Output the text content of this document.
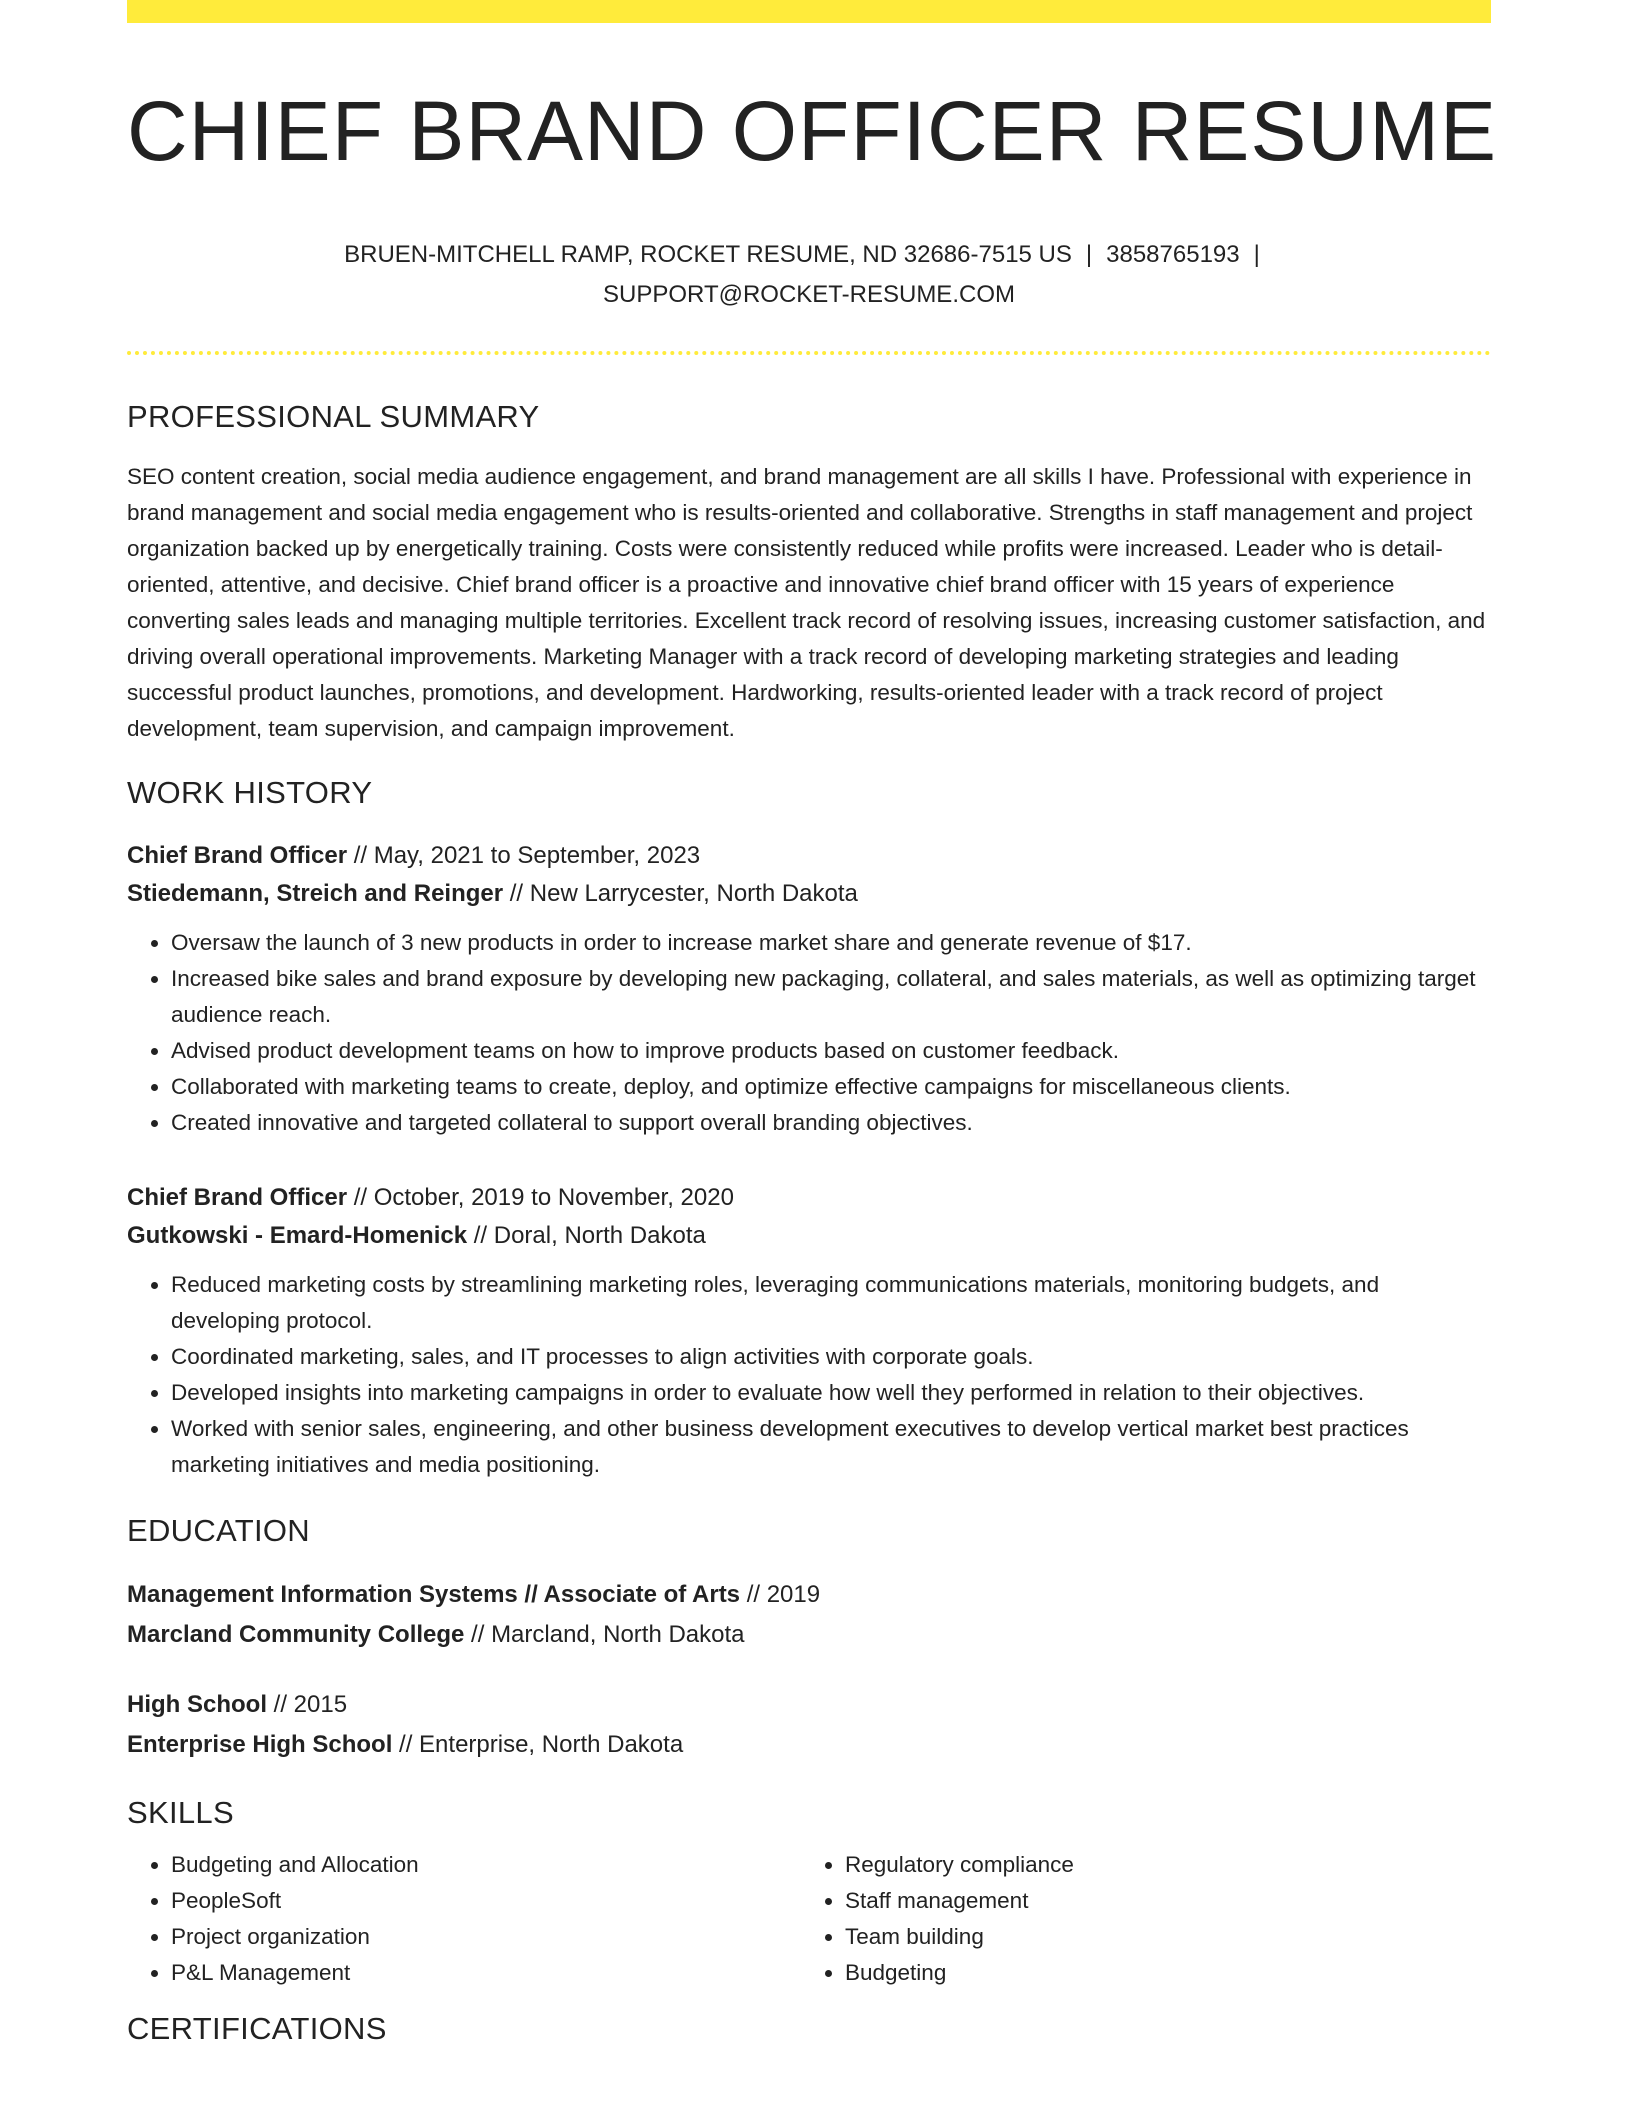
CHIEF BRAND OFFICER RESUME
BRUEN-MITCHELL RAMP, ROCKET RESUME, ND 32686-7515 US | 3858765193 |
SUPPORT@ROCKET-RESUME.COM
PROFESSIONAL SUMMARY

SEO content creation, social media audience engagement, and brand management are all skills I have. Professional with experience in brand management and social media engagement who is results-oriented and collaborative. Strengths in staff management and project organization backed up by energetically training. Costs were consistently reduced while profits were increased. Leader who is detail-oriented, attentive, and decisive. Chief brand officer is a proactive and innovative chief brand officer with 15 years of experience converting sales leads and managing multiple territories. Excellent track record of resolving issues, increasing customer satisfaction, and driving overall operational improvements. Marketing Manager with a track record of developing marketing strategies and leading successful product launches, promotions, and development. Hardworking, results-oriented leader with a track record of project development, team supervision, and campaign improvement.

WORK HISTORY
Chief Brand Officer // May, 2021 to September, 2023
Stiedemann, Streich and Reinger // New Larrycester, North Dakota
• Oversaw the launch of 3 new products in order to increase market share and generate revenue of $17.
• Increased bike sales and brand exposure by developing new packaging, collateral, and sales materials, as well as optimizing target audience reach.
• Advised product development teams on how to improve products based on customer feedback.
• Collaborated with marketing teams to create, deploy, and optimize effective campaigns for miscellaneous clients.
• Created innovative and targeted collateral to support overall branding objectives.
Chief Brand Officer // October, 2019 to November, 2020
Gutkowski - Emard-Homenick // Doral, North Dakota
• Reduced marketing costs by streamlining marketing roles, leveraging communications materials, monitoring budgets, and developing protocol.
• Coordinated marketing, sales, and IT processes to align activities with corporate goals.
• Developed insights into marketing campaigns in order to evaluate how well they performed in relation to their objectives.
• Worked with senior sales, engineering, and other business development executives to develop vertical market best practices marketing initiatives and media positioning.
EDUCATION
Management Information Systems // Associate of Arts // 2019
Marcland Community College // Marcland, North Dakota
High School // 2015
Enterprise High School // Enterprise, North Dakota
SKILLS
• Budgeting and Allocation
• PeopleSoft
• Project organization
• P&L Management
• Regulatory compliance
• Staff management
• Team building
• Budgeting
CERTIFICATIONS
